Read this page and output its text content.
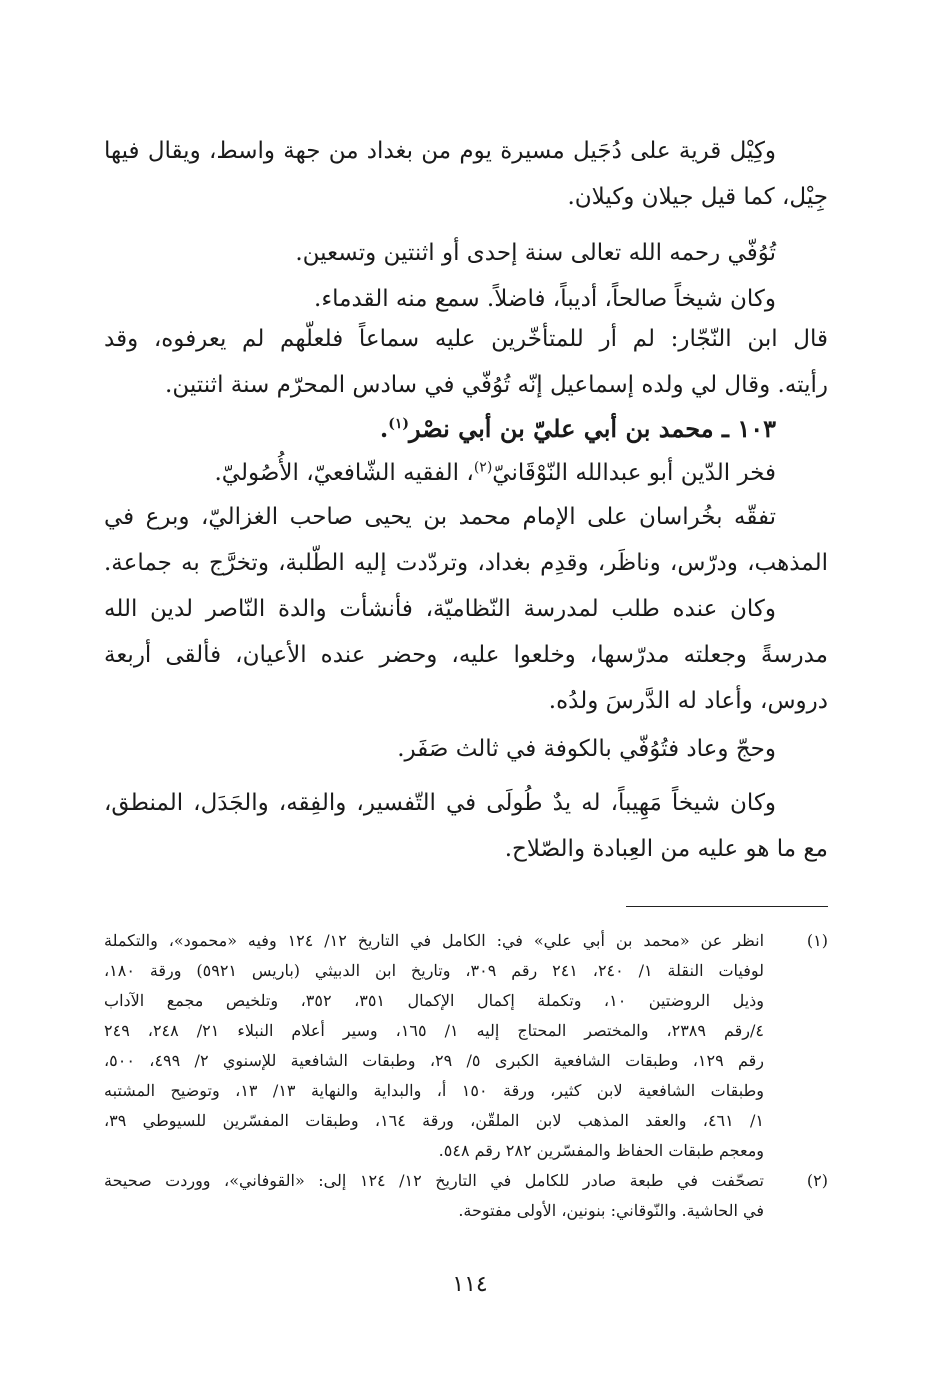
وكِيْل قرية على دُجَيل مسيرة يوم من بغداد من جهة واسط، ويقال فيها
جِيْل، كما قيل جيلان وكيلان.
تُوُفّي رحمه الله تعالى سنة إحدى أو اثنتين وتسعين.
وكان شيخاً صالحاً، أديباً، فاضلاً. سمع منه القدماء.
قال ابن النّجّار: لم أر للمتأخّرين عليه سماعاً فلعلّهم لم يعرفوه، وقد
رأيته. وقال لي ولده إسماعيل إنّه تُوُفّي في سادس المحرّم سنة اثنتين.
١٠٣ ـ محمد بن أبي عليّ بن أبي نصْر$^{(١)}$.
فخر الدّين أبو عبدالله النّوْقَانيّ$^{(٢)}$، الفقيه الشّافعيّ، الأُصُوليّ.
تفقّه بخُراسان على الإمام محمد بن يحيى صاحب الغزاليّ، وبرع في
المذهب، ودرّس، وناظَر، وقدِم بغداد، وتردّدت إليه الطّلبة، وتخرَّج به جماعة.
وكان عنده طلب لمدرسة النّظاميّة، فأنشأت والدة النّاصر لدين الله
مدرسةً وجعلته مدرّسها، وخلعوا عليه، وحضر عنده الأعيان، فألقى أربعة
دروس، وأعاد له الدَّرسَ ولدُه.
وحجّ وعاد فتُوُفّي بالكوفة في ثالث صَفَر.
وكان شيخاً مَهِيباً، له يدٌ طُولَى في التّفسير، والفِقه، والجَدَل، المنطق،
مع ما هو عليه من العِبادة والصّلاح.
(١)
انظر عن «محمد بن أبي علي» في: الكامل في التاريخ ١٢/ ١٢٤ وفيه «محمود»، والتكملة
لوفيات النقلة ١/ ٢٤٠، ٢٤١ رقم ٣٠٩، وتاريخ ابن الدبيثي (باريس ٥٩٢١) ورقة ١٨٠،
وذيل الروضتين ١٠، وتكملة إكمال الإكمال ٣٥١، ٣٥٢، وتلخيص مجمع الآداب
٤/رقم ٢٣٨٩، والمختصر المحتاج إليه ١/ ١٦٥، وسير أعلام النبلاء ٢١/ ٢٤٨، ٢٤٩
رقم ١٢٩، وطبقات الشافعية الكبرى ٥/ ٢٩، وطبقات الشافعية للإسنوي ٢/ ٤٩٩، ٥٠٠،
وطبقات الشافعية لابن كثير، ورقة ١٥٠ أ، والبداية والنهاية ١٣/ ١٣، وتوضيح المشتبه
١/ ٤٦١، والعقد المذهب لابن الملقّن، ورقة ١٦٤، وطبقات المفسّرين للسيوطي ٣٩،
ومعجم طبقات الحفاظ والمفسّرين ٢٨٢ رقم ٥٤٨.
(٢)
تصحّفت في طبعة صادر للكامل في التاريخ ١٢/ ١٢٤ إلى: «القوفاني»، ووردت صحيحة
في الحاشية. والنّوقاني: بنونين، الأولى مفتوحة.
١١٤
